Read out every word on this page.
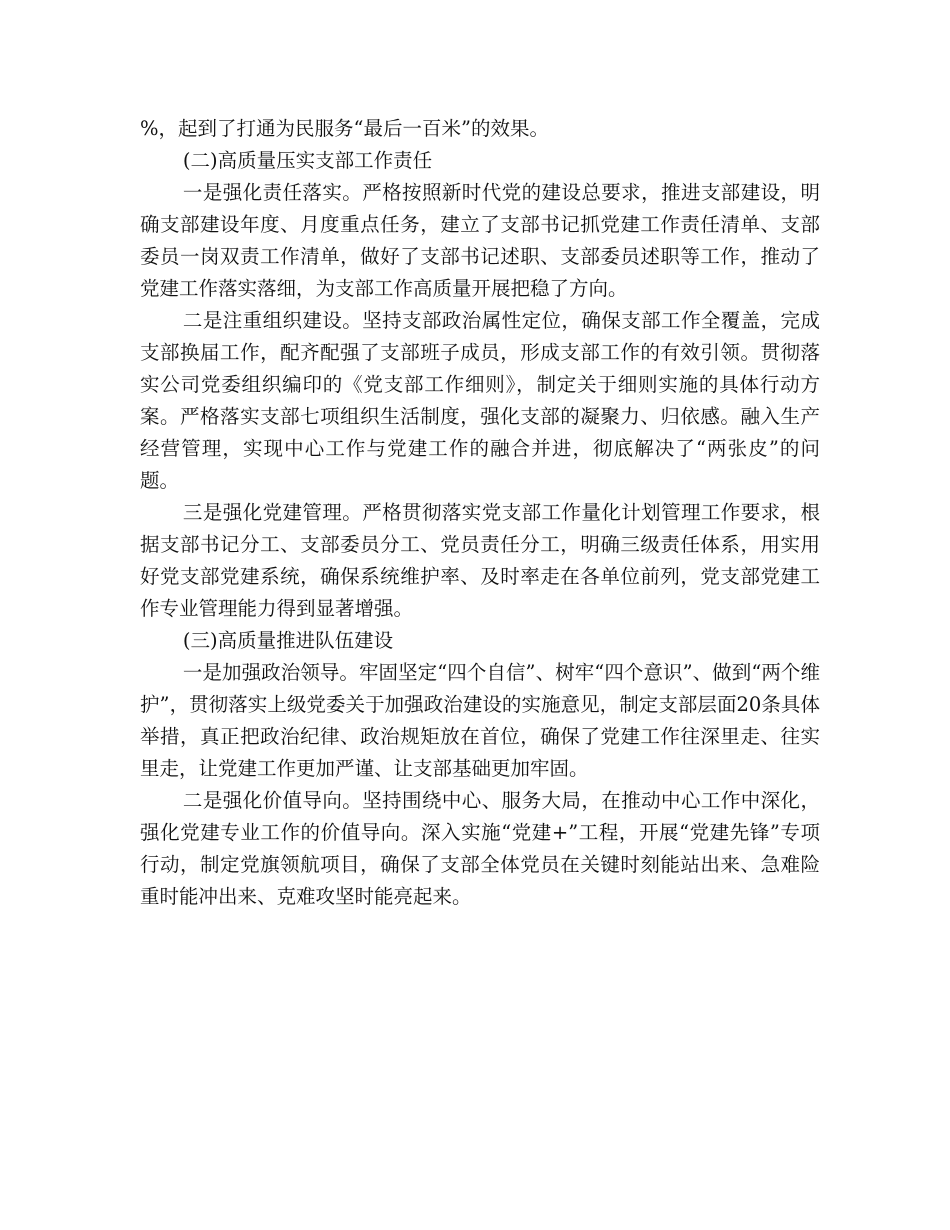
%，起到了打通为民服务“最后一百米”的效果。

(二)高质量压实支部工作责任

一是强化责任落实。严格按照新时代党的建设总要求，推进支部建设，明确支部建设年度、月度重点任务，建立了支部书记抓党建工作责任清单、支部委员一岗双责工作清单，做好了支部书记述职、支部委员述职等工作，推动了党建工作落实落细，为支部工作高质量开展把稳了方向。

二是注重组织建设。坚持支部政治属性定位，确保支部工作全覆盖，完成支部换届工作，配齐配强了支部班子成员，形成支部工作的有效引领。贯彻落实公司党委组织编印的《党支部工作细则》，制定关于细则实施的具体行动方案。严格落实支部七项组织生活制度，强化支部的凝聚力、归依感。融入生产经营管理，实现中心工作与党建工作的融合并进，彻底解决了“两张皮”的问题。

三是强化党建管理。严格贯彻落实党支部工作量化计划管理工作要求，根据支部书记分工、支部委员分工、党员责任分工，明确三级责任体系，用实用好党支部党建系统，确保系统维护率、及时率走在各单位前列，党支部党建工作专业管理能力得到显著增强。

(三)高质量推进队伍建设

一是加强政治领导。牢固坚定“四个自信”、树牢“四个意识”、做到“两个维护”，贯彻落实上级党委关于加强政治建设的实施意见，制定支部层面20条具体举措，真正把政治纪律、政治规矩放在首位，确保了党建工作往深里走、往实里走，让党建工作更加严谨、让支部基础更加牢固。

二是强化价值导向。坚持围绕中心、服务大局，在推动中心工作中深化，强化党建专业工作的价值导向。深入实施“党建+”工程，开展“党建先锋”专项行动，制定党旗领航项目，确保了支部全体党员在关键时刻能站出来、急难险重时能冲出来、克难攻坚时能亮起来。
